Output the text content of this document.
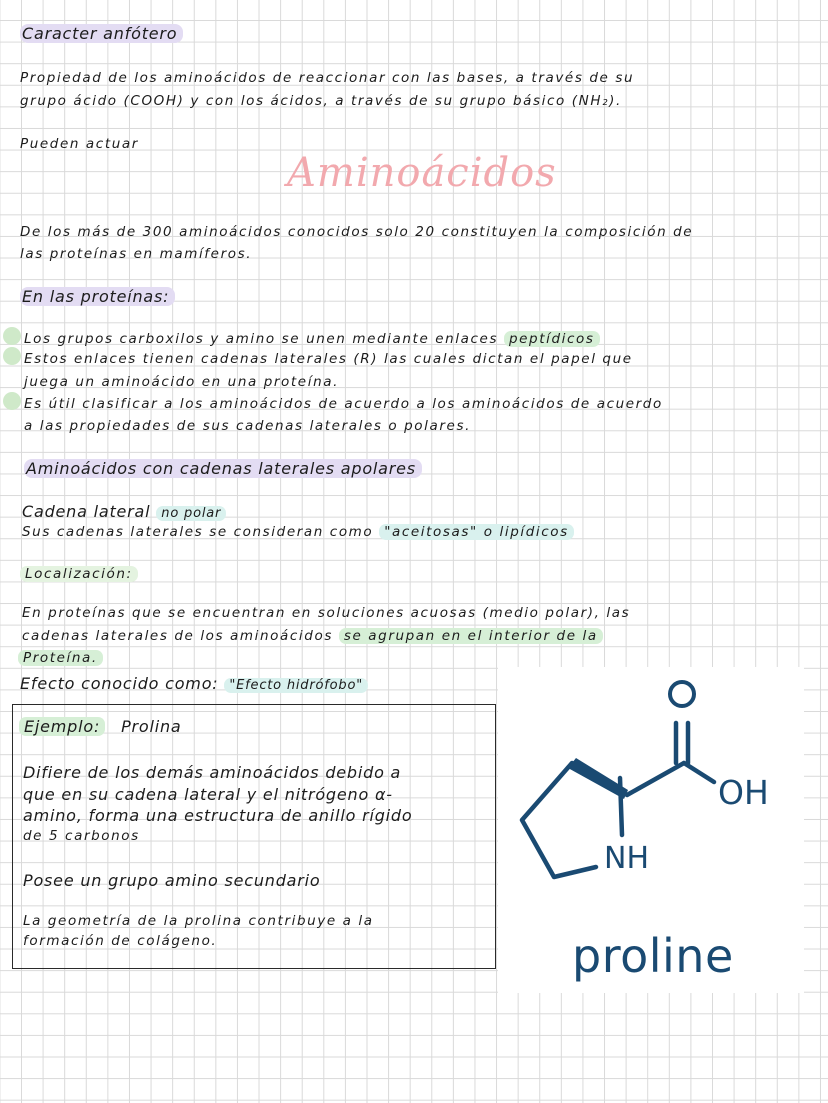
Caracter anfótero
Propiedad de los aminoácidos de reaccionar con las bases, a través de su
grupo ácido (COOH) y con los ácidos, a través de su grupo básico (NH₂).
Pueden actuar
Aminoácidos
De los más de 300 aminoácidos conocidos solo 20 constituyen la composición de
las proteínas en mamíferos.
En las proteínas:
Los grupos carboxilos y amino se unen mediante enlaces peptídicos
Estos enlaces tienen cadenas laterales (R) las cuales dictan el papel que
juega un aminoácido en una proteína.
Es útil clasificar a los aminoácidos de acuerdo a los aminoácidos de acuerdo
a las propiedades de sus cadenas laterales o polares.
Aminoácidos con cadenas laterales apolares
Cadena lateral no polar
Sus cadenas laterales se consideran como "aceitosas" o lipídicos
Localización:
En proteínas que se encuentran en soluciones acuosas (medio polar), las
cadenas laterales de los aminoácidos se agrupan en el interior de la
Proteína.
Efecto conocido como: "Efecto hidrófobo"
Ejemplo: Prolina
Difiere de los demás aminoácidos debido a
que en su cadena lateral y el nitrógeno α-
amino, forma una estructura de anillo rígido
de 5 carbonos
Posee un grupo amino secundario
La geometría de la prolina contribuye a la
formación de colágeno.
OH
NH
proline
